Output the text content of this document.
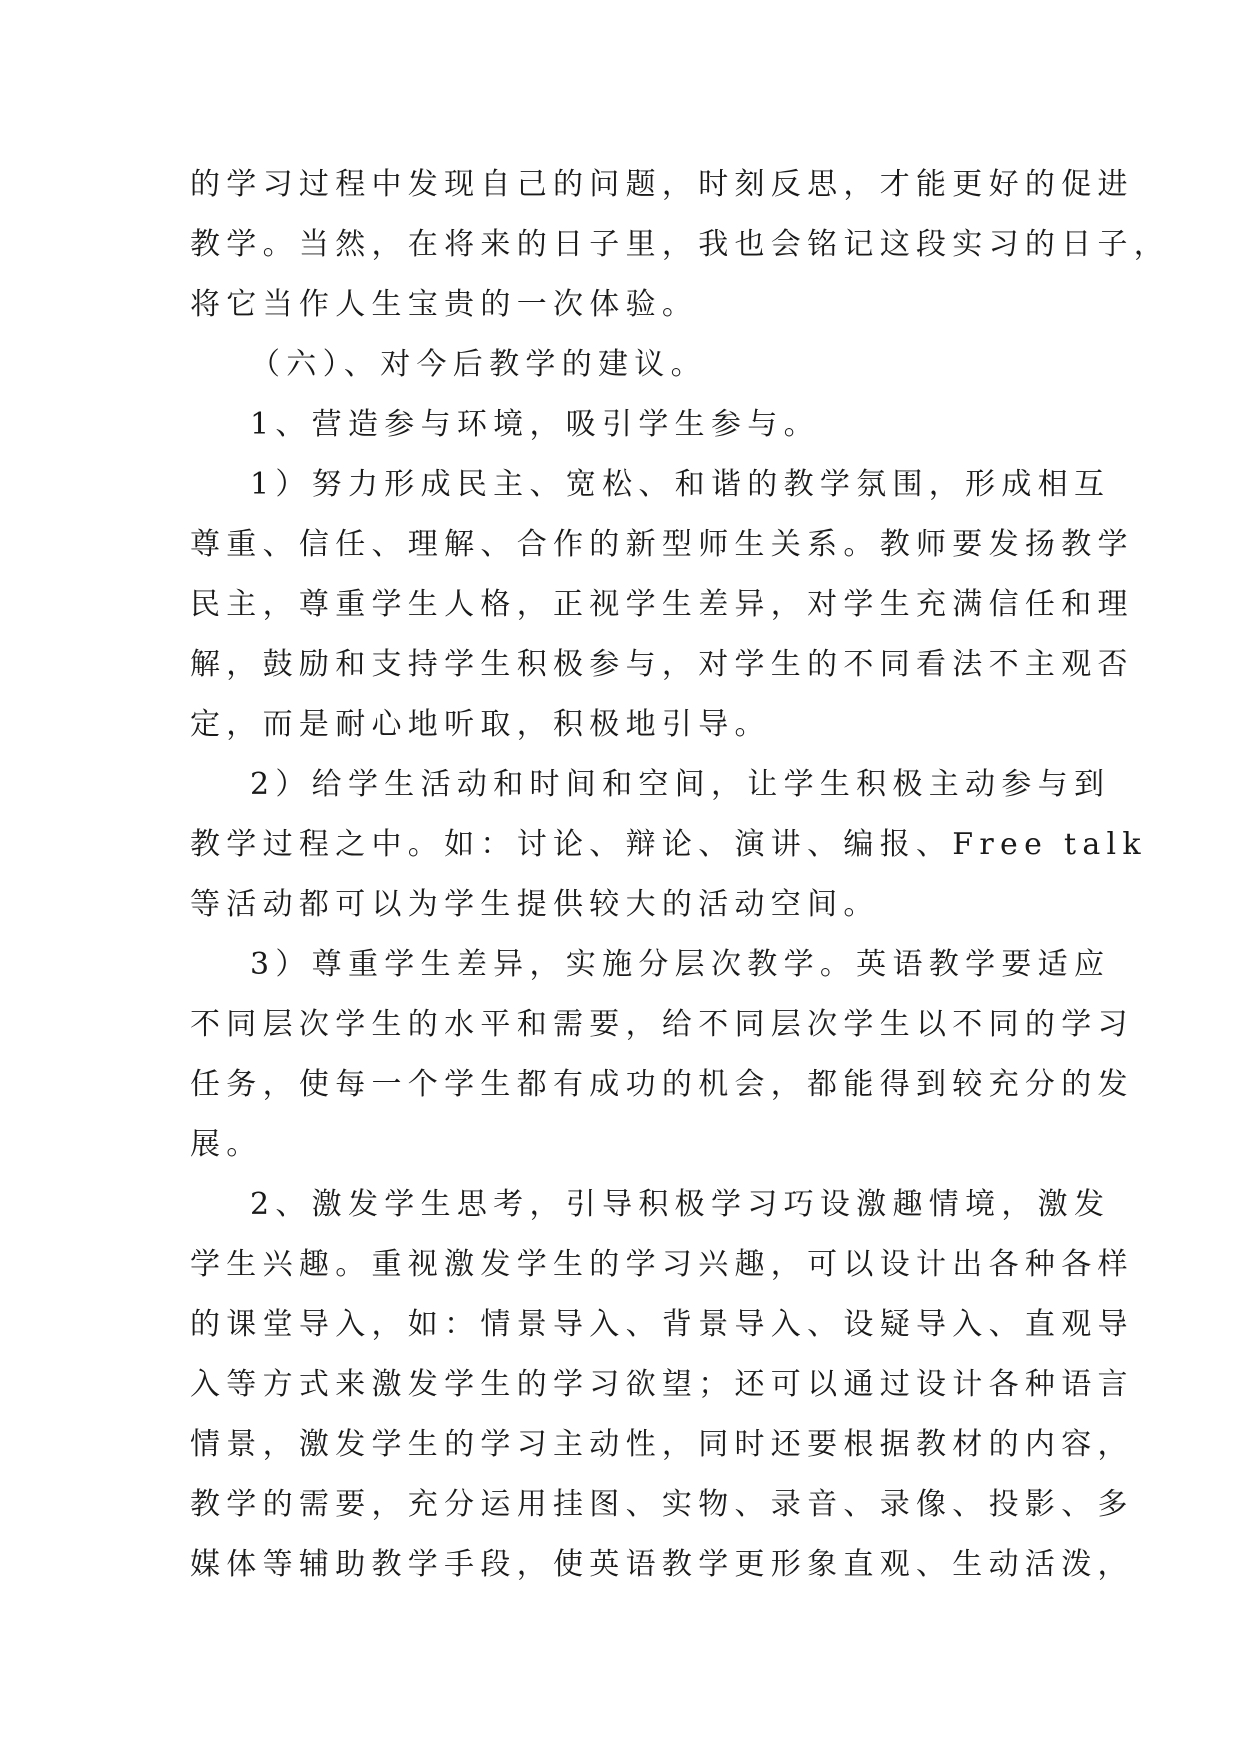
的学习过程中发现自己的问题，时刻反思，才能更好的促进
教学。当然，在将来的日子里，我也会铭记这段实习的日子，
将它当作人生宝贵的一次体验。
（六）、对今后教学的建议。
1、营造参与环境，吸引学生参与。
1）努力形成民主、宽松、和谐的教学氛围，形成相互
尊重、信任、理解、合作的新型师生关系。教师要发扬教学
民主，尊重学生人格，正视学生差异，对学生充满信任和理
解，鼓励和支持学生积极参与，对学生的不同看法不主观否
定，而是耐心地听取，积极地引导。
2）给学生活动和时间和空间，让学生积极主动参与到
教学过程之中。如：讨论、辩论、演讲、编报、Free talk
等活动都可以为学生提供较大的活动空间。
3）尊重学生差异，实施分层次教学。英语教学要适应
不同层次学生的水平和需要，给不同层次学生以不同的学习
任务，使每一个学生都有成功的机会，都能得到较充分的发
展。
2、激发学生思考，引导积极学习巧设激趣情境，激发
学生兴趣。重视激发学生的学习兴趣，可以设计出各种各样
的课堂导入，如：情景导入、背景导入、设疑导入、直观导
入等方式来激发学生的学习欲望；还可以通过设计各种语言
情景，激发学生的学习主动性，同时还要根据教材的内容，
教学的需要，充分运用挂图、实物、录音、录像、投影、多
媒体等辅助教学手段，使英语教学更形象直观、生动活泼，
